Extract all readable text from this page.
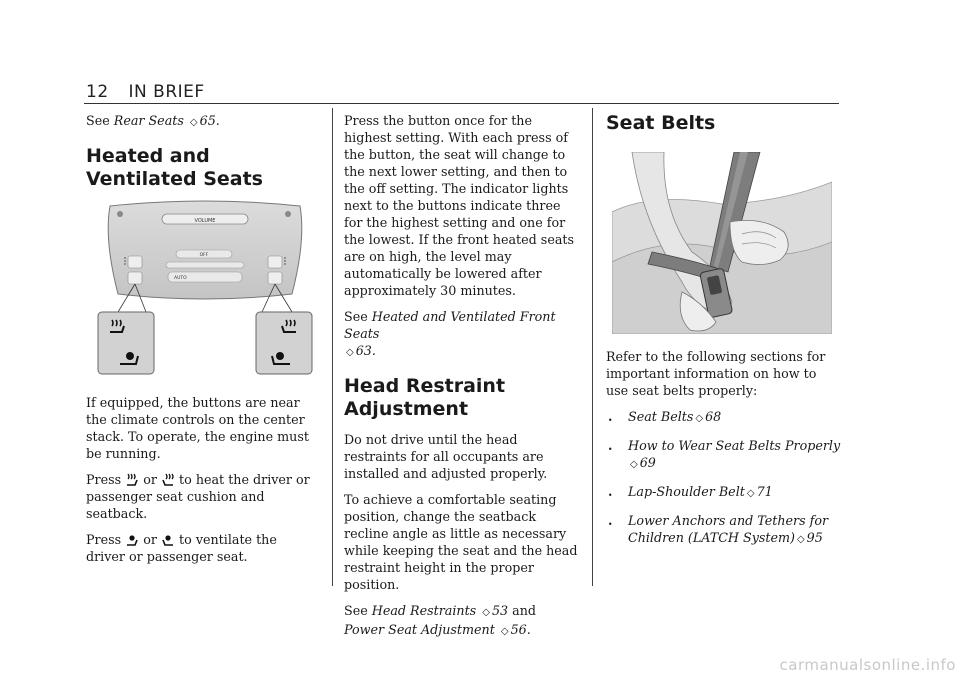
12 IN BRIEF

See Rear Seats ◇ 65.

Heated and Ventilated Seats
VOLUME
OFF
AUTO

If equipped, the buttons are near the climate controls on the center stack. To operate, the engine must be running.

Press or to heat the driver or passenger seat cushion and seatback.

Press or to ventilate the driver or passenger seat.

Press the button once for the highest setting. With each press of the button, the seat will change to the next lower setting, and then to the off setting. The indicator lights next to the buttons indicate three for the highest setting and one for the lowest. If the front heated seats are on high, the level may automatically be lowered after approximately 30 minutes.

See Heated and Ventilated Front Seats
◇ 63.

Head Restraint Adjustment

Do not drive until the head restraints for all occupants are installed and adjusted properly.

To achieve a comfortable seating position, change the seatback recline angle as little as necessary while keeping the seat and the head restraint height in the proper position.

See Head Restraints ◇ 53 and Power Seat Adjustment ◇ 56.

Seat Belts

Refer to the following sections for important information on how to use seat belts properly:

. Seat Belts ◇ 68
. How to Wear Seat Belts Properly
◇ 69
. Lap-Shoulder Belt ◇ 71
. Lower Anchors and Tethers for Children (LATCH System) ◇ 95
carmanualsonline.info
